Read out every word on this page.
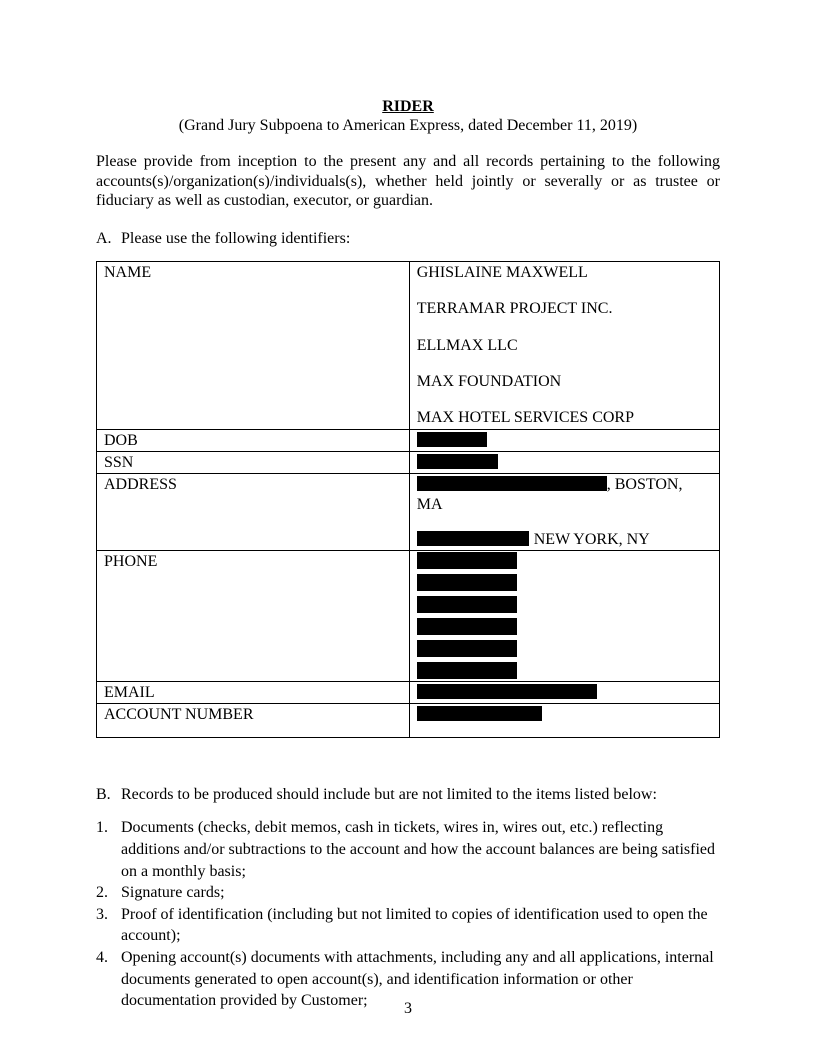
RIDER
(Grand Jury Subpoena to American Express, dated December 11, 2019)

Please provide from inception to the present any and all records pertaining to the following accounts(s)/organization(s)/individuals(s), whether held jointly or severally or as trustee or fiduciary as well as custodian, executor, or guardian.

A. Please use the following identifiers:
NAME	GHISLAINE MAXWELL
TERRAMAR PROJECT INC.
ELLMAX LLC
MAX FOUNDATION
MAX HOTEL SERVICES CORP

DOB	
SSN	
ADDRESS	, BOSTON, MA
NEW YORK, NY

PHONE	

EMAIL	
ACCOUNT NUMBER	
B. Records to be produced should include but are not limited to the items listed below:
1. Documents (checks, debit memos, cash in tickets, wires in, wires out, etc.) reflecting additions and/or subtractions to the account and how the account balances are being satisfied on a monthly basis;
2. Signature cards;
3. Proof of identification (including but not limited to copies of identification used to open the account);
4. Opening account(s) documents with attachments, including any and all applications, internal documents generated to open account(s), and identification information or other documentation provided by Customer;	3
